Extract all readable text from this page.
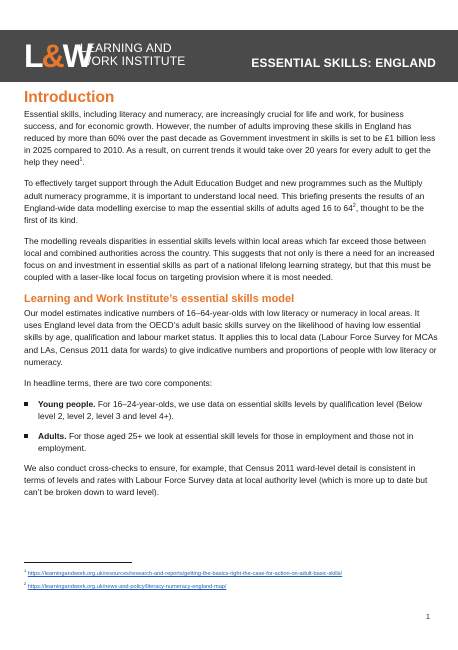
L&W
LEARNING AND
WORK INSTITUTE	ESSENTIAL SKILLS: ENGLAND
Introduction

Essential skills, including literacy and numeracy, are increasingly crucial for life and work, for business success, and for economic growth. However, the number of adults improving these skills in England has reduced by more than 60% over the past decade as Government investment in skills is set to be £1 billion less in 2025 compared to 2010. As a result, on current trends it would take over 20 years for every adult to get the help they need$^1$.

To effectively target support through the Adult Education Budget and new programmes such as the Multiply adult numeracy programme, it is important to understand local need. This briefing presents the results of an England-wide data modelling exercise to map the essential skills of adults aged 16 to $64^2$, thought to be the first of its kind.

The modelling reveals disparities in essential skills levels within local areas which far exceed those between local and combined authorities across the country. This suggests that not only is there a need for an increased focus on and investment in essential skills as part of a national lifelong learning strategy, but that this must be coupled with a laser-like local focus on targeting provision where it is most needed.

Learning and Work Institute’s essential skills model

Our model estimates indicative numbers of 16–64-year-olds with low literacy or numeracy in local areas. It uses England level data from the OECD’s adult basic skills survey on the likelihood of having low essential skills by age, qualification and labour market status. It applies this to local data (Labour Force Survey for MCAs and LAs, Census 2011 data for wards) to give indicative numbers and proportions of people with low literacy or numeracy.

In headline terms, there are two core components:

Young people. For 16–24-year-olds, we use data on essential skills levels by qualification level (Below level 2, level 2, level 3 and level 4+).
Adults. For those aged 25+ we look at essential skill levels for those in employment and those not in employment.

We also conduct cross-checks to ensure, for example, that Census 2011 ward-level detail is consistent in terms of levels and rates with Labour Force Survey data at local authority level (which is more up to date but can’t be broken down to ward level).

$^1$ https://learningandwork.org.uk/resources/research-and-reports/getting-the-basics-right-the-case-for-action-on-adult-basic-skills/
$^2$ https://learningandwork.org.uk/news-and-policy/literacy-numeracy-england-map/
1
